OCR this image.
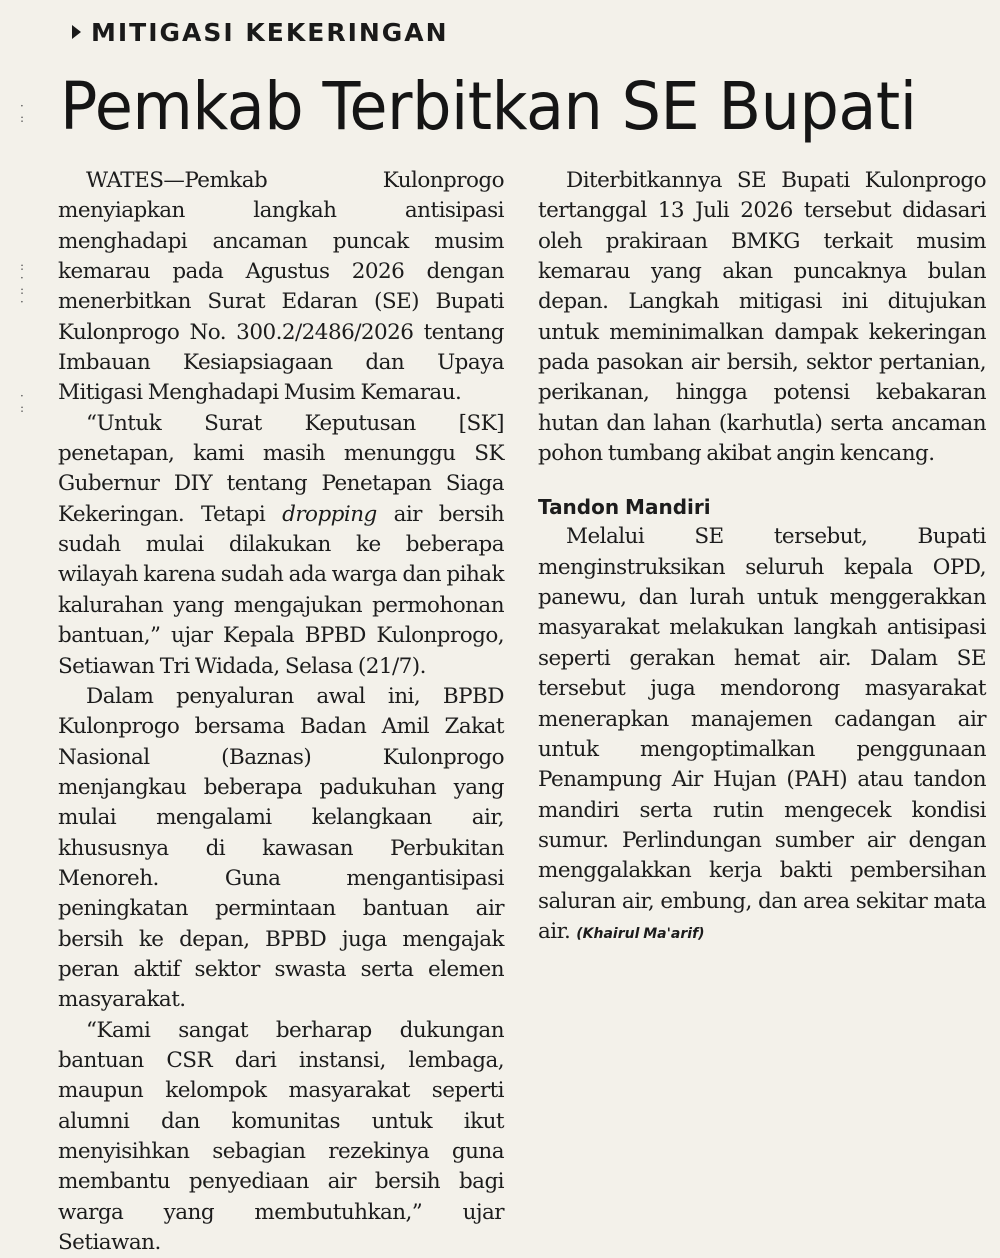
MITIGASI KEKERINGAN
Pemkab Terbitkan SE Bupati
·
:
:
·
:
·
·
:

WATES—Pemkab Kulonprogo menyiapkan langkah antisipasi menghadapi ancaman puncak musim kemarau pada Agustus 2026 dengan menerbitkan Surat Edaran (SE) Bupati Kulonprogo No. 300.2/2486/2026 tentang Imbauan Kesiapsiagaan dan Upaya Mitigasi Menghadapi Musim Kemarau.

“Untuk Surat Keputusan [SK] penetapan, kami masih menunggu SK Gubernur DIY tentang Penetapan Siaga Kekeringan. Tetapi dropping air bersih sudah mulai dilakukan ke beberapa wilayah karena sudah ada warga dan pihak kalurahan yang mengajukan permohonan bantuan,” ujar Kepala BPBD Kulonprogo, Setiawan Tri Widada, Selasa (21/7).

Dalam penyaluran awal ini, BPBD Kulonprogo bersama Badan Amil Zakat Nasional (Baznas) Kulonprogo menjangkau beberapa padukuhan yang mulai mengalami kelangkaan air, khususnya di kawasan Perbukitan Menoreh. Guna mengantisipasi peningkatan permintaan bantuan air bersih ke depan, BPBD juga mengajak peran aktif sektor swasta serta elemen masyarakat.

“Kami sangat berharap dukungan bantuan CSR dari instansi, lembaga, maupun kelompok masyarakat seperti alumni dan komunitas untuk ikut menyisihkan sebagian rezekinya guna membantu penyediaan air bersih bagi warga yang membutuhkan,” ujar Setiawan.

Diterbitkannya SE Bupati Kulonprogo tertanggal 13 Juli 2026 tersebut didasari oleh prakiraan BMKG terkait musim kemarau yang akan puncaknya bulan depan. Langkah mitigasi ini ditujukan untuk meminimalkan dampak kekeringan pada pasokan air bersih, sektor pertanian, perikanan, hingga potensi kebakaran hutan dan lahan (karhutla) serta ancaman pohon tumbang akibat angin kencang.

Tandon Mandiri

Melalui SE tersebut, Bupati menginstruksikan seluruh kepala OPD, panewu, dan lurah untuk menggerakkan masyarakat melakukan langkah antisipasi seperti gerakan hemat air. Dalam SE tersebut juga mendorong masyarakat menerapkan manajemen cadangan air untuk mengoptimalkan penggunaan Penampung Air Hujan (PAH) atau tandon mandiri serta rutin mengecek kondisi sumur. Perlindungan sumber air dengan menggalakkan kerja bakti pembersihan saluran air, embung, dan area sekitar mata air. (Khairul Ma'arif)
